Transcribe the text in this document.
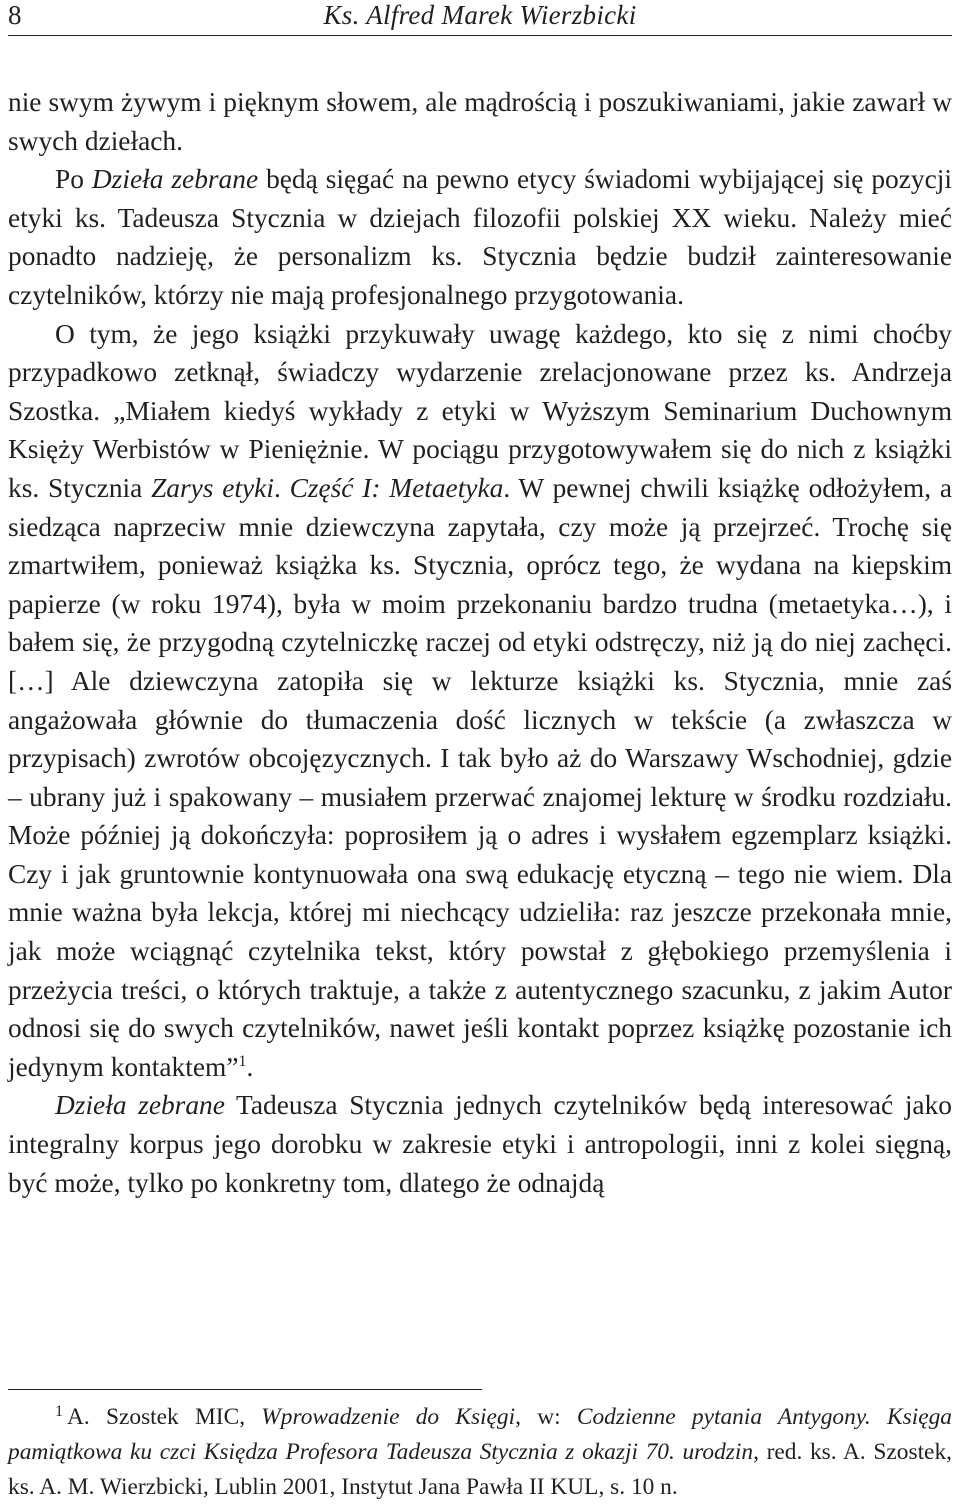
8	Ks. Alfred Marek Wierzbicki

nie swym żywym i pięknym słowem, ale mądrością i poszukiwaniami, jakie zawarł w swych dziełach.

Po Dzieła zebrane będą sięgać na pewno etycy świadomi wybijającej się pozycji etyki ks. Tadeusza Stycznia w dziejach filozofii polskiej XX wieku. Należy mieć ponadto nadzieję, że personalizm ks. Stycznia będzie budził zainteresowanie czytelników, którzy nie mają profesjonalnego przygotowania.

O tym, że jego książki przykuwały uwagę każdego, kto się z nimi choćby przypadkowo zetknął, świadczy wydarzenie zrelacjonowane przez ks. Andrzeja Szostka. „Miałem kiedyś wykłady z etyki w Wyższym Seminarium Duchownym Księży Werbistów w Pieniężnie. W pociągu przygotowywałem się do nich z książki ks. Stycznia Zarys etyki. Część I: Metaetyka. W pewnej chwili książkę odłożyłem, a siedząca naprzeciw mnie dziewczyna zapytała, czy może ją przejrzeć. Trochę się zmartwiłem, ponieważ książka ks. Stycznia, oprócz tego, że wydana na kiepskim papierze (w roku 1974), była w moim przekonaniu bardzo trudna (metaetyka…), i bałem się, że przygodną czytelniczkę raczej od etyki odstręczy, niż ją do niej zachęci. […] Ale dziewczyna zatopiła się w lekturze książki ks. Stycznia, mnie zaś angażowała głównie do tłumaczenia dość licznych w tekście (a zwłaszcza w przypisach) zwrotów obcojęzycznych. I tak było aż do Warszawy Wschodniej, gdzie – ubrany już i spakowany – musiałem przerwać znajomej lekturę w środku rozdziału. Może później ją dokończyła: poprosiłem ją o adres i wysłałem egzemplarz książki. Czy i jak gruntownie kontynuowała ona swą edukację etyczną – tego nie wiem. Dla mnie ważna była lekcja, której mi niechcący udzieliła: raz jeszcze przekonała mnie, jak może wciągnąć czytelnika tekst, który powstał z głębokiego przemyślenia i przeżycia treści, o których traktuje, a także z autentycznego szacunku, z jakim Autor odnosi się do swych czytelników, nawet jeśli kontakt poprzez książkę pozostanie ich jedynym kontaktem”$^1$.

Dzieła zebrane Tadeusza Stycznia jednych czytelników będą interesować jako integralny korpus jego dorobku w zakresie etyki i antropologii, inni z kolei sięgną, być może, tylko po konkretny tom, dlatego że odnajdą

$^1$ A. Szostek MIC, Wprowadzenie do Księgi, w: Codzienne pytania Antygony. Księga pamiątkowa ku czci Księdza Profesora Tadeusza Stycznia z okazji 70. urodzin, red. ks. A. Szostek, ks. A. M. Wierzbicki, Lublin 2001, Instytut Jana Pawła II KUL, s. 10 n.
